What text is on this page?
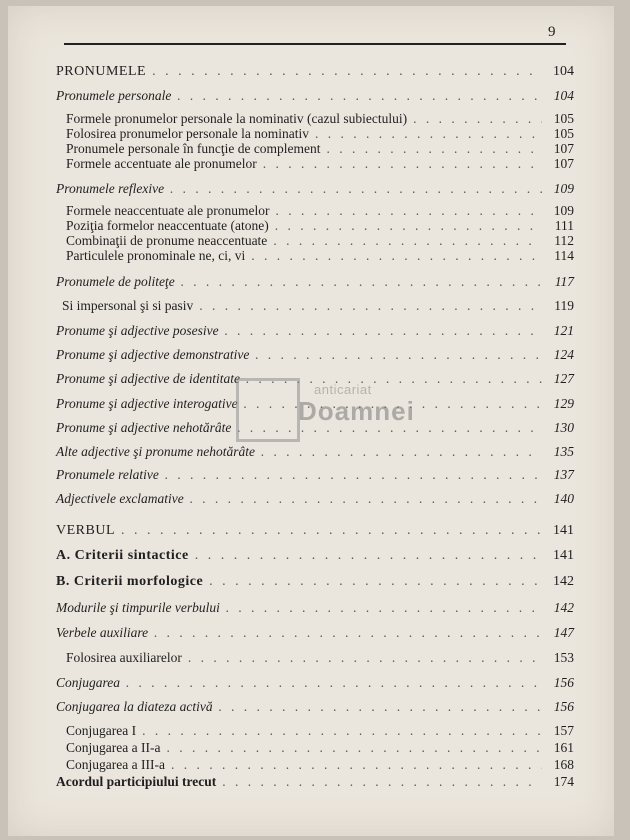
9
PRONUMELE . . .	104
Pronumele personale . . .	104
Formele pronumelor personale la nominativ (cazul subiectului) . . .	105
Folosirea pronumelor personale la nominativ . . .	105
Pronumele personale în funcţie de complement . . .	107
Formele accentuate ale pronumelor . . .	107
Pronumele reflexive . . .	109
Formele neaccentuate ale pronumelor . . .	109
Poziţia formelor neaccentuate (atone) . . .	111
Combinaţii de pronume neaccentuate . . .	112
Particulele pronominale ne, ci, vi . . .	114
Pronumele de politeţe . . .	117
Si impersonal şi si pasiv . . .	119
Pronume şi adjective posesive . . .	121
Pronume şi adjective demonstrative . . .	124
Pronume şi adjective de identitate . . .	127
Pronume şi adjective interogative . . .	129
Pronume şi adjective nehotărâte . . .	130
Alte adjective şi pronume nehotărâte . . .	135
Pronumele relative . . .	137
Adjectivele exclamative . . .	140
VERBUL . . .	141
A. Criterii sintactice . . .	141
B. Criterii morfologice . . .	142
Modurile şi timpurile verbului . . .	142
Verbele auxiliare . . .	147
Folosirea auxiliarelor . . .	153
Conjugarea . . .	156
Conjugarea la diateza activă . . .	156
Conjugarea I . . .	157
Conjugarea a II-a . . .	161
Conjugarea a III-a . . .	168
Acordul participiului trecut . . .	174
anticariat
Doamnei
